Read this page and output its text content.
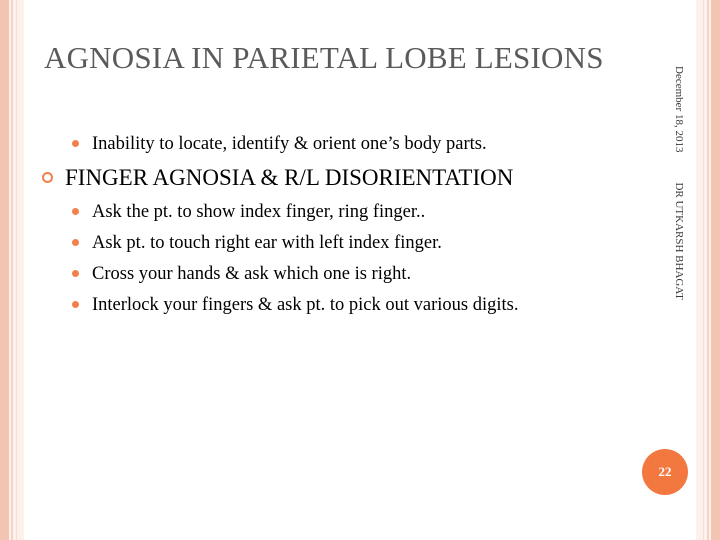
AGNOSIA IN PARIETAL LOBE LESIONS
Inability to locate, identify & orient one’s body parts.
FINGER AGNOSIA & R/L DISORIENTATION
Ask the pt. to show index finger, ring finger..
Ask pt. to touch right ear with left index finger.
Cross your hands & ask which one is right.
Interlock your fingers & ask pt. to pick out various digits.
December 18, 2013DR UTKARSH BHAGAT
22
